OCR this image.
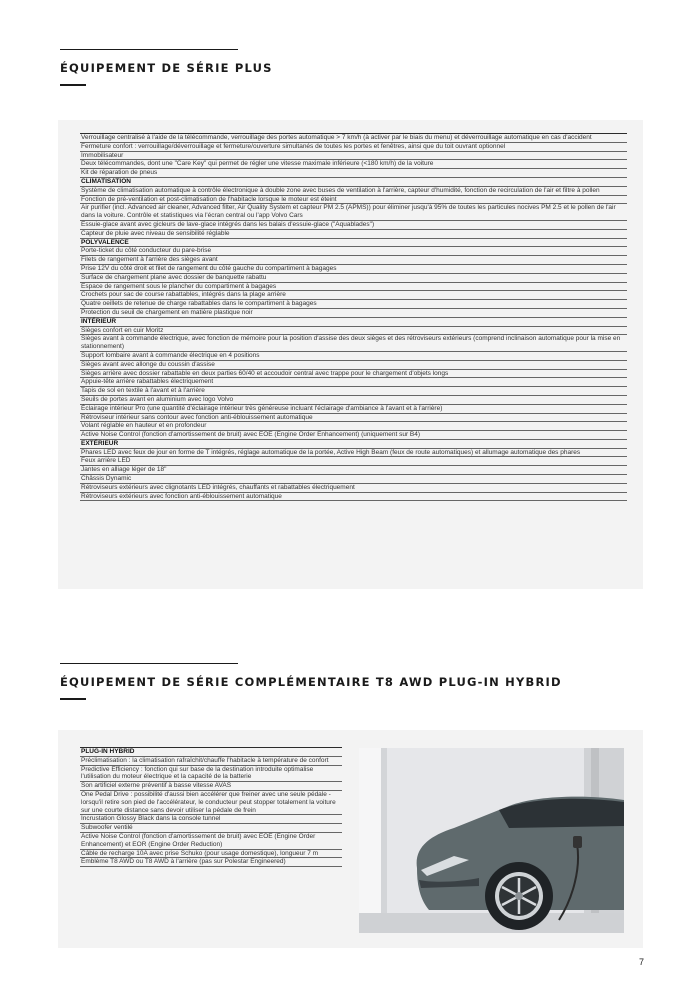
ÉQUIPEMENT DE SÉRIE PLUS
Verrouillage centralisé à l'aide de la télécommande, verrouillage des portes automatique > 7 km/h (à activer par le biais du menu) et déverrouillage automatique en cas d'accident
Fermeture confort : verrouillage/déverrouillage et fermeture/ouverture simultanés de toutes les portes et fenêtres, ainsi que du toit ouvrant optionnel
Immobilisateur
Deux télécommandes, dont une "Care Key" qui permet de régler une vitesse maximale inférieure (<180 km/h) de la voiture
Kit de réparation de pneus
CLIMATISATION
Système de climatisation automatique à contrôle électronique à double zone avec buses de ventilation à l'arrière, capteur d'humidité, fonction de recirculation de l'air et filtre à pollen
Fonction de pré-ventilation et post-climatisation de l'habitacle lorsque le moteur est éteint
Air purifier (incl. Advanced air cleaner, Advanced filter, Air Quality System et capteur PM 2.5 (APMS)) pour éliminer jusqu'à 95% de toutes les particules nocives PM 2.5 et le pollen de l'air dans la voiture. Contrôle et statistiques via l'écran central ou l'app Volvo Cars
Essuie-glace avant avec gicleurs de lave-glace intégrés dans les balais d'essuie-glace ("Aquablades")
Capteur de pluie avec niveau de sensibilité réglable
POLYVALENCE
Porte-ticket du côté conducteur du pare-brise
Filets de rangement à l'arrière des sièges avant
Prise 12V du côté droit et filet de rangement du côté gauche du compartiment à bagages
Surface de chargement plane avec dossier de banquette rabattu
Espace de rangement sous le plancher du compartiment à bagages
Crochets pour sac de course rabattables, intégrés dans la plage arrière
Quatre oeillets de retenue de charge rabattables dans le compartiment à bagages
Protection du seuil de chargement en matière plastique noir
INTÉRIEUR
Sièges confort en cuir Moritz
Sièges avant à commande électrique, avec fonction de mémoire pour la position d'assise des deux sièges et des rétroviseurs extérieurs (comprend inclinaison automatique pour la mise en stationnement)
Support lombaire avant à commande électrique en 4 positions
Sièges avant avec allonge du coussin d'assise
Sièges arrière avec dossier rabattable en deux parties 60/40 et accoudoir central avec trappe pour le chargement d'objets longs
Appuie-tête arrière rabattables électriquement
Tapis de sol en textile à l'avant et à l'arrière
Seuils de portes avant en aluminium avec logo Volvo
Éclairage intérieur Pro (une quantité d'éclairage intérieur très généreuse incluant l'éclairage d'ambiance à l'avant et à l'arrière)
Rétroviseur intérieur sans contour avec fonction anti-éblouissement automatique
Volant réglable en hauteur et en profondeur
Active Noise Control (fonction d'amortissement de bruit) avec EOE (Engine Order Enhancement) (uniquement sur B4)
EXTÉRIEUR
Phares LED avec feux de jour en forme de T intégrés, réglage automatique de la portée, Active High Beam (feux de route automatiques) et allumage automatique des phares
Feux arrière LED
Jantes en alliage léger de 18"
Châssis Dynamic
Rétroviseurs extérieurs avec clignotants LED intégrés, chauffants et rabattables électriquement
Rétroviseurs extérieurs avec fonction anti-éblouissement automatique
ÉQUIPEMENT DE SÉRIE COMPLÉMENTAIRE T8 AWD PLUG-IN HYBRID
PLUG-IN HYBRID
Préclimatisation : la climatisation rafraîchit/chauffe l'habitacle à température de confort
Predictive Efficiency : fonction qui sur base de la destination introduite optimalise l'utilisation du moteur électrique et la capacité de la batterie
Son artificiel externe préventif à basse vitesse AVAS
One Pedal Drive : possibilité d'aussi bien accélérer que freiner avec une seule pédale - lorsqu'il retire son pied de l'accélérateur, le conducteur peut stopper totalement la voiture sur une courte distance sans devoir utiliser la pédale de frein
Incrustation Glossy Black dans la console tunnel
Subwoofer ventilé
Active Noise Control (fonction d'amortissement de bruit) avec EOE (Engine Order Enhancement) et EOR (Engine Order Reduction)
Câble de recharge 10A avec prise Schuko (pour usage domestique), longueur 7 m
Emblème T8 AWD ou T8 AWD à l'arrière (pas sur Polestar Engineered)
7
